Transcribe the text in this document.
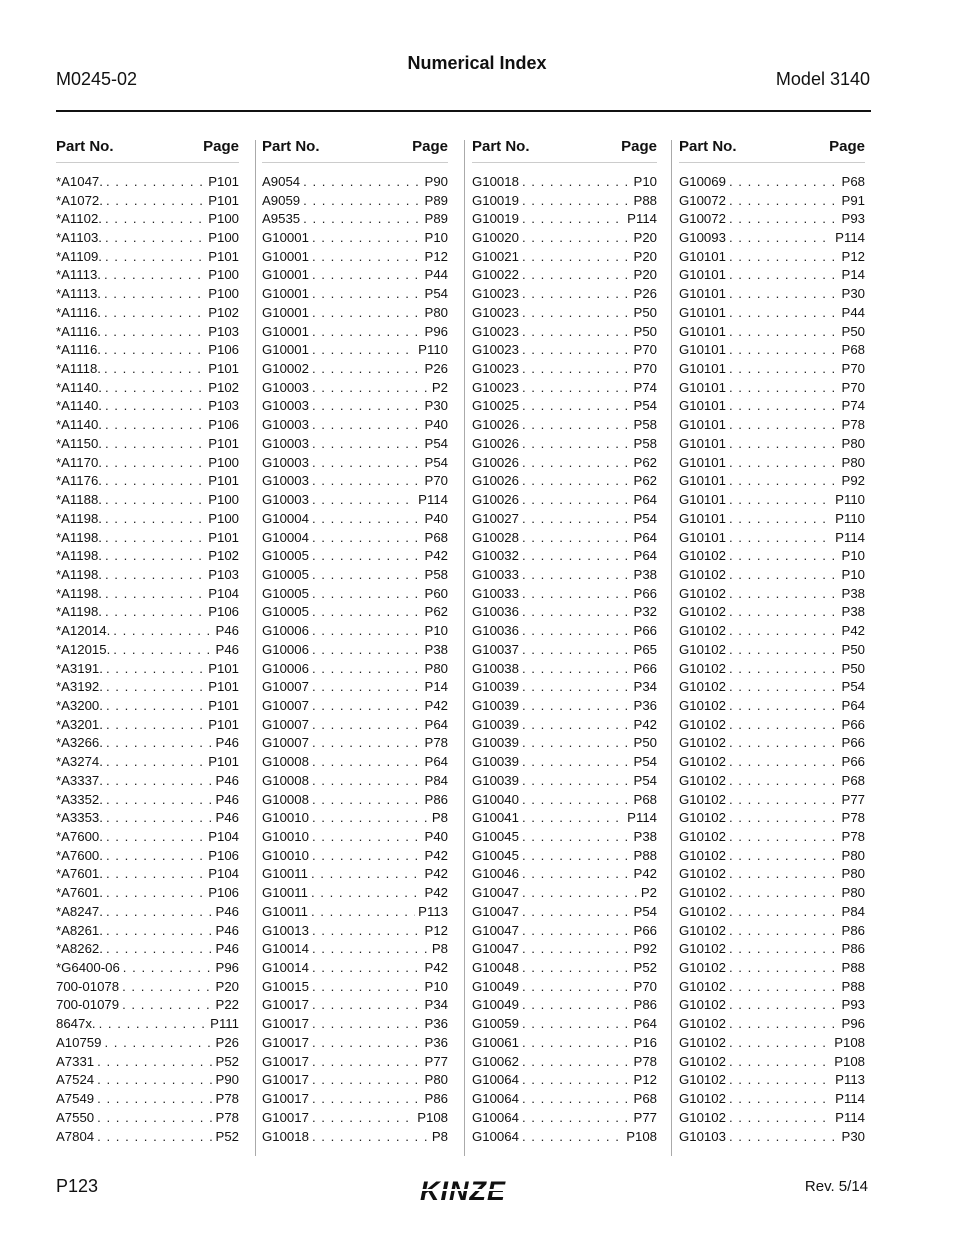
Numerical Index
M0245-02	Model 3140
Part No.	Page
*A1047. . . .	P101
*A1072. . . .	P101
*A1102. . . .	P100
*A1103. . . .	P100
*A1109. . . .	P101
*A1113. . . .	P100
*A1113. . . .	P100
*A1116. . . .	P102
*A1116. . . .	P103
*A1116. . . .	P106
*A1118. . . .	P101
*A1140. . . .	P102
*A1140. . . .	P103
*A1140. . . .	P106
*A1150. . . .	P101
*A1170. . . .	P100
*A1176. . . .	P101
*A1188. . . .	P100
*A1198. . . .	P100
*A1198. . . .	P101
*A1198. . . .	P102
*A1198. . . .	P103
*A1198. . . .	P104
*A1198. . . .	P106
*A12014. . . .	P46
*A12015. . . .	P46
*A3191. . . .	P101
*A3192. . . .	P101
*A3200. . . .	P101
*A3201. . . .	P101
*A3266. . . .	P46
*A3274. . . .	P101
*A3337. . . .	P46
*A3352. . . .	P46
*A3353. . . .	P46
*A7600. . . .	P104
*A7600. . . .	P106
*A7601. . . .	P104
*A7601. . . .	P106
*A8247. . . .	P46
*A8261. . . .	P46
*A8262. . . .	P46
*G6400-06 . . .	P96
700-01078 . . .	P20
700-01079 . . .	P22
8647x. . . .	P111
A10759 . . .	P26
A7331 . . .	P52
A7524 . . .	P90
A7549 . . .	P78
A7550 . . .	P78
A7804 . . .	P52
Part No.	Page
A9054 . . .	P90
A9059 . . .	P89
A9535 . . .	P89
G10001 . . .	P10
G10001 . . .	P12
G10001 . . .	P44
G10001 . . .	P54
G10001 . . .	P80
G10001 . . .	P96
G10001 . . .	P110
G10002 . . .	P26
G10003 . . .	P2
G10003 . . .	P30
G10003 . . .	P40
G10003 . . .	P54
G10003 . . .	P54
G10003 . . .	P70
G10003 . . .	P114
G10004 . . .	P40
G10004 . . .	P68
G10005 . . .	P42
G10005 . . .	P58
G10005 . . .	P60
G10005 . . .	P62
G10006 . . .	P10
G10006 . . .	P38
G10006 . . .	P80
G10007 . . .	P14
G10007 . . .	P42
G10007 . . .	P64
G10007 . . .	P78
G10008 . . .	P64
G10008 . . .	P84
G10008 . . .	P86
G10010 . . .	P8
G10010 . . .	P40
G10010 . . .	P42
G10011 . . .	P42
G10011 . . .	P42
G10011 . . .	P113
G10013 . . .	P12
G10014 . . .	P8
G10014 . . .	P42
G10015 . . .	P10
G10017 . . .	P34
G10017 . . .	P36
G10017 . . .	P36
G10017 . . .	P77
G10017 . . .	P80
G10017 . . .	P86
G10017 . . .	P108
G10018 . . .	P8
Part No.	Page
G10018 . . .	P10
G10019 . . .	P88
G10019 . . .	P114
G10020 . . .	P20
G10021 . . .	P20
G10022 . . .	P20
G10023 . . .	P26
G10023 . . .	P50
G10023 . . .	P50
G10023 . . .	P70
G10023 . . .	P70
G10023 . . .	P74
G10025 . . .	P54
G10026 . . .	P58
G10026 . . .	P58
G10026 . . .	P62
G10026 . . .	P62
G10026 . . .	P64
G10027 . . .	P54
G10028 . . .	P64
G10032 . . .	P64
G10033 . . .	P38
G10033 . . .	P66
G10036 . . .	P32
G10036 . . .	P66
G10037 . . .	P65
G10038 . . .	P66
G10039 . . .	P34
G10039 . . .	P36
G10039 . . .	P42
G10039 . . .	P50
G10039 . . .	P54
G10039 . . .	P54
G10040 . . .	P68
G10041 . . .	P114
G10045 . . .	P38
G10045 . . .	P88
G10046 . . .	P42
G10047 . . .	P2
G10047 . . .	P54
G10047 . . .	P66
G10047 . . .	P92
G10048 . . .	P52
G10049 . . .	P70
G10049 . . .	P86
G10059 . . .	P64
G10061 . . .	P16
G10062 . . .	P78
G10064 . . .	P12
G10064 . . .	P68
G10064 . . .	P77
G10064 . . .	P108
Part No.	Page
G10069 . . .	P68
G10072 . . .	P91
G10072 . . .	P93
G10093 . . .	P114
G10101 . . .	P12
G10101 . . .	P14
G10101 . . .	P30
G10101 . . .	P44
G10101 . . .	P50
G10101 . . .	P68
G10101 . . .	P70
G10101 . . .	P70
G10101 . . .	P74
G10101 . . .	P78
G10101 . . .	P80
G10101 . . .	P80
G10101 . . .	P92
G10101 . . .	P110
G10101 . . .	P110
G10101 . . .	P114
G10102 . . .	P10
G10102 . . .	P10
G10102 . . .	P38
G10102 . . .	P38
G10102 . . .	P42
G10102 . . .	P50
G10102 . . .	P50
G10102 . . .	P54
G10102 . . .	P64
G10102 . . .	P66
G10102 . . .	P66
G10102 . . .	P66
G10102 . . .	P68
G10102 . . .	P77
G10102 . . .	P78
G10102 . . .	P78
G10102 . . .	P80
G10102 . . .	P80
G10102 . . .	P80
G10102 . . .	P84
G10102 . . .	P86
G10102 . . .	P86
G10102 . . .	P88
G10102 . . .	P88
G10102 . . .	P93
G10102 . . .	P96
G10102 . . .	P108
G10102 . . .	P108
G10102 . . .	P113
G10102 . . .	P114
G10102 . . .	P114
G10103 . . .	P30
P123	Rev. 5/14
KINZE
